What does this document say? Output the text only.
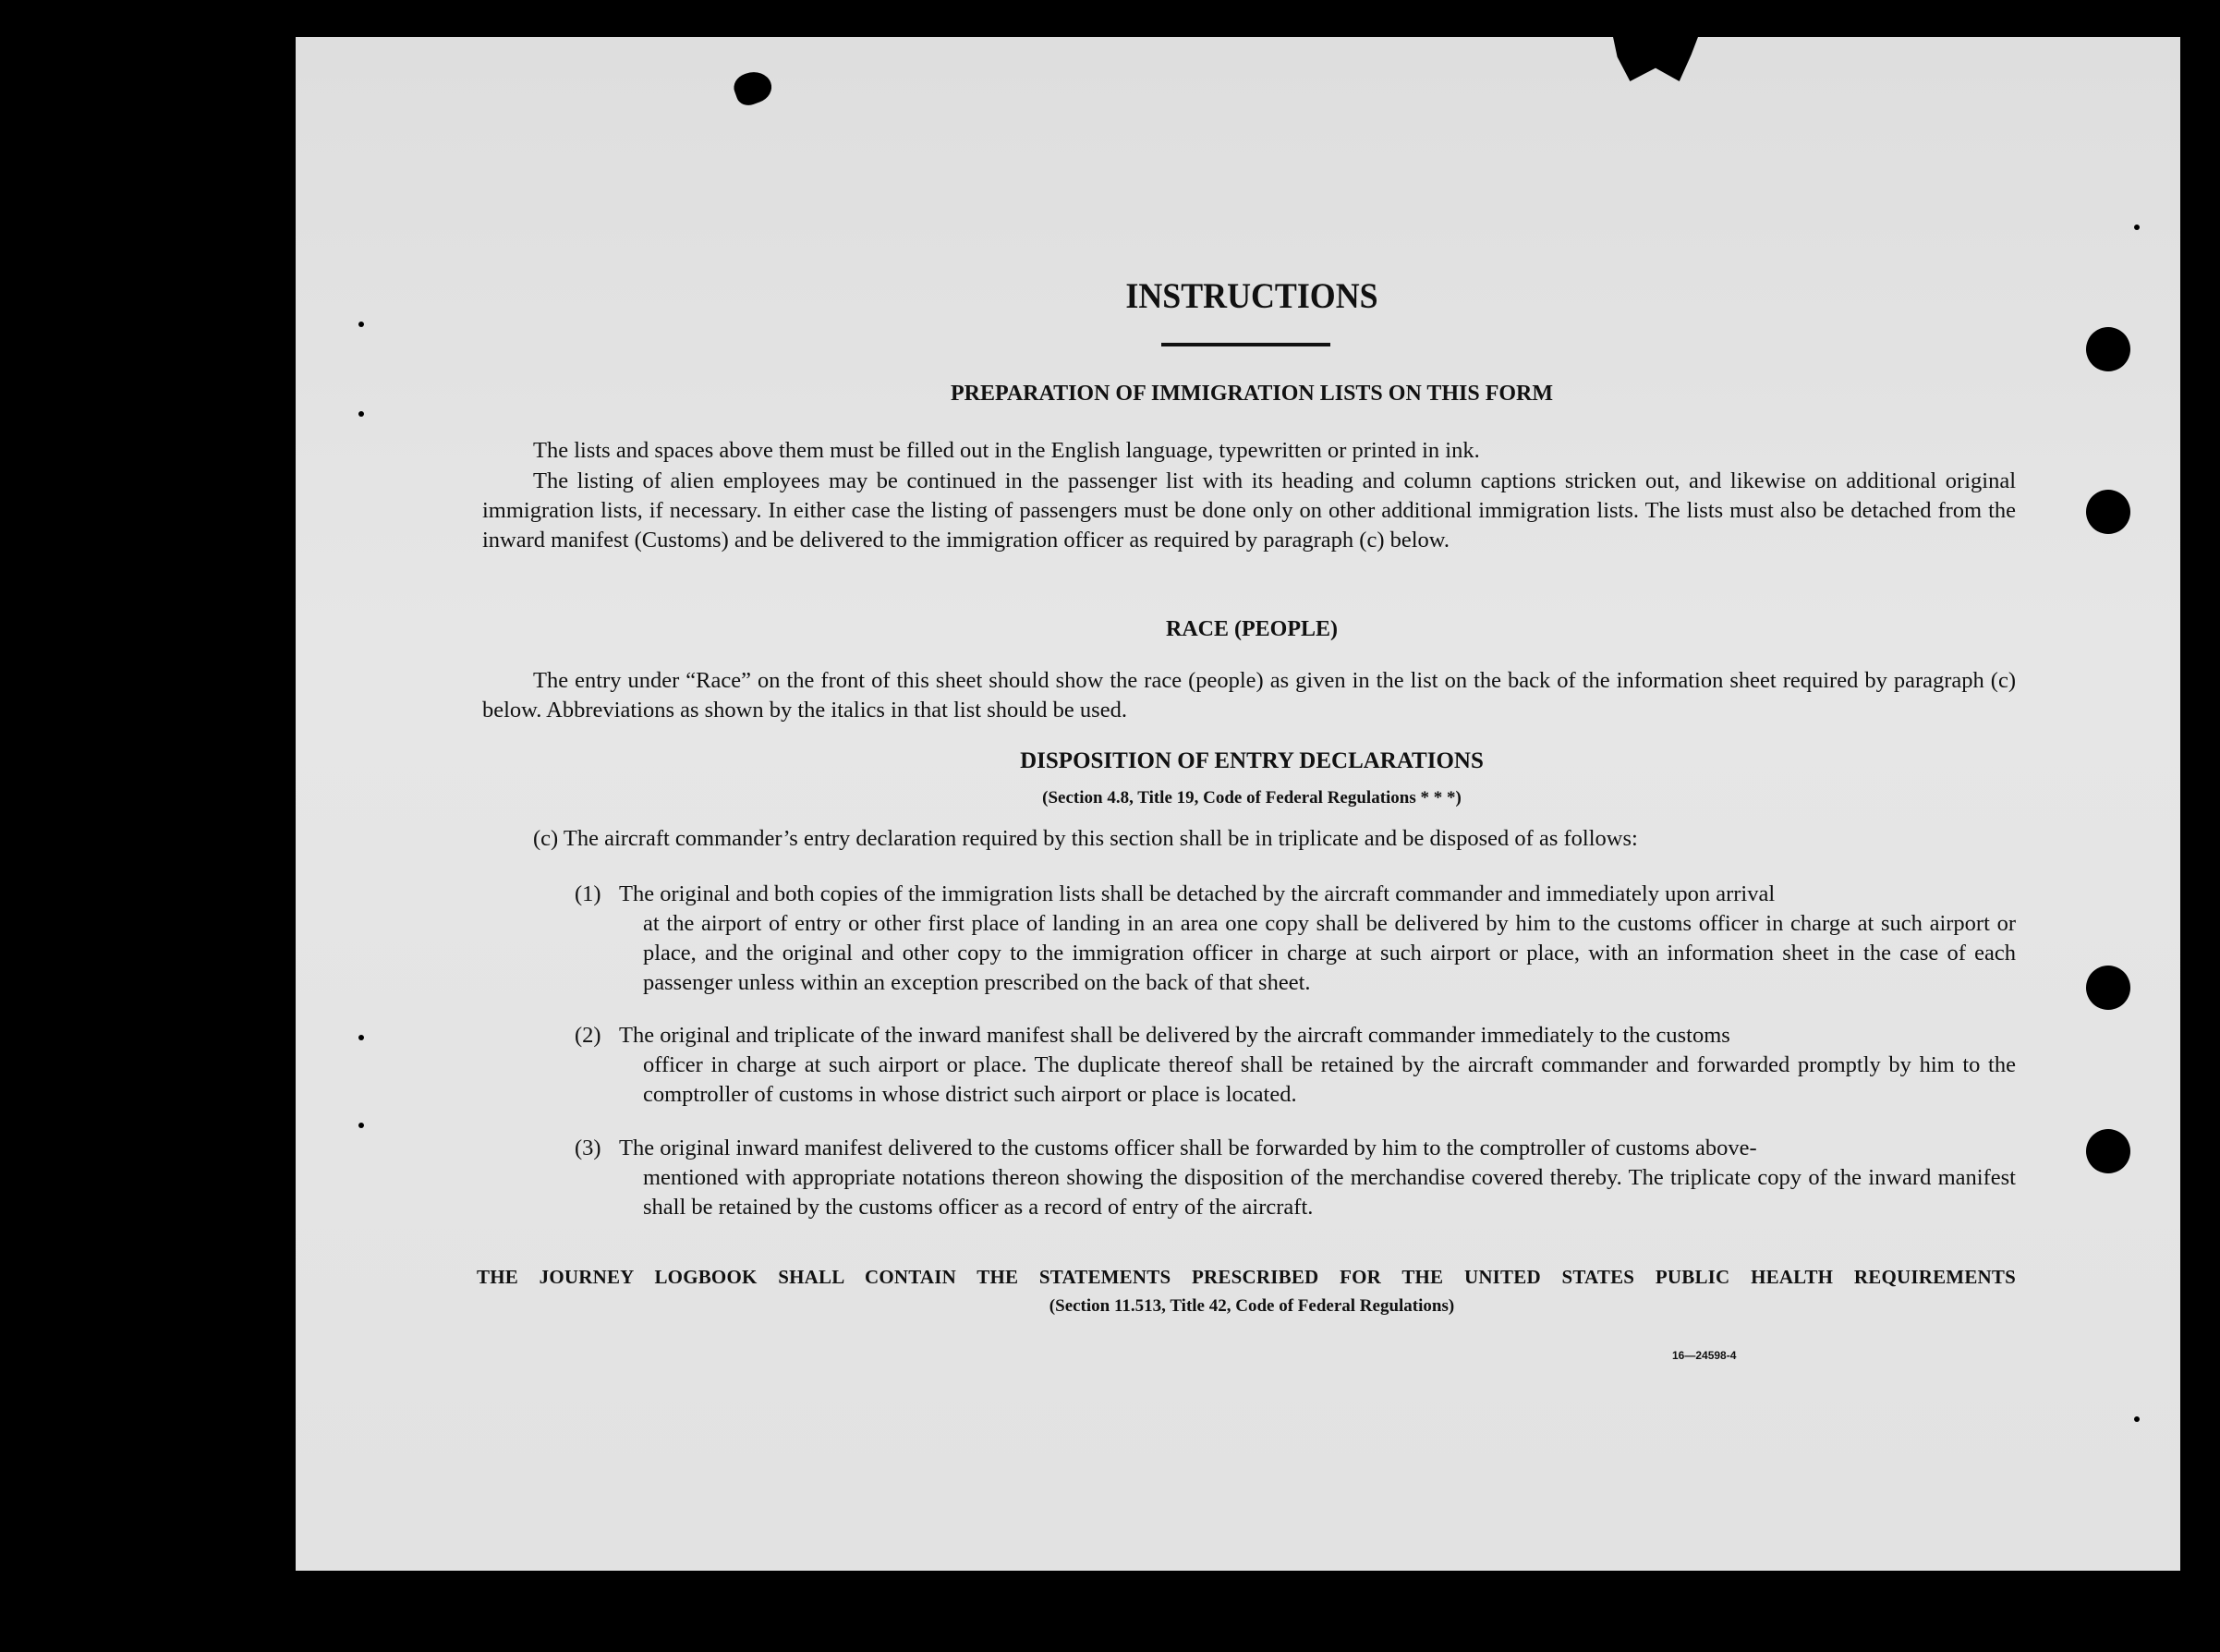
INSTRUCTIONS
PREPARATION OF IMMIGRATION LISTS ON THIS FORM
The lists and spaces above them must be filled out in the English language, typewritten or printed in ink.
The listing of alien employees may be continued in the passenger list with its heading and column captions stricken out, and likewise on additional original immigration lists, if necessary. In either case the listing of passengers must be done only on other additional immigration lists. The lists must also be detached from the inward manifest (Customs) and be delivered to the immigration officer as required by paragraph (c) below.
RACE (PEOPLE)
The entry under “Race” on the front of this sheet should show the race (people) as given in the list on the back of the information sheet required by paragraph (c) below. Abbreviations as shown by the italics in that list should be used.
DISPOSITION OF ENTRY DECLARATIONS
(Section 4.8, Title 19, Code of Federal Regulations * * *)
(c) The aircraft commander’s entry declaration required by this section shall be in triplicate and be disposed of as follows:
(1) The original and both copies of the immigration lists shall be detached by the aircraft commander and immediately upon arrival
at the airport of entry or other first place of landing in an area one copy shall be delivered by him to the customs officer in charge at such airport or place, and the original and other copy to the immigration officer in charge at such airport or place, with an information sheet in the case of each passenger unless within an exception prescribed on the back of that sheet.
(2) The original and triplicate of the inward manifest shall be delivered by the aircraft commander immediately to the customs
officer in charge at such airport or place. The duplicate thereof shall be retained by the aircraft commander and forwarded promptly by him to the comptroller of customs in whose district such airport or place is located.
(3) The original inward manifest delivered to the customs officer shall be forwarded by him to the comptroller of customs above-
mentioned with appropriate notations thereon showing the disposition of the merchandise covered thereby. The triplicate copy of the inward manifest shall be retained by the customs officer as a record of entry of the aircraft.
THE JOURNEY LOGBOOK SHALL CONTAIN THE STATEMENTS PRESCRIBED FOR THE UNITED STATES PUBLIC HEALTH REQUIREMENTS
(Section 11.513, Title 42, Code of Federal Regulations)
16—24598-4
